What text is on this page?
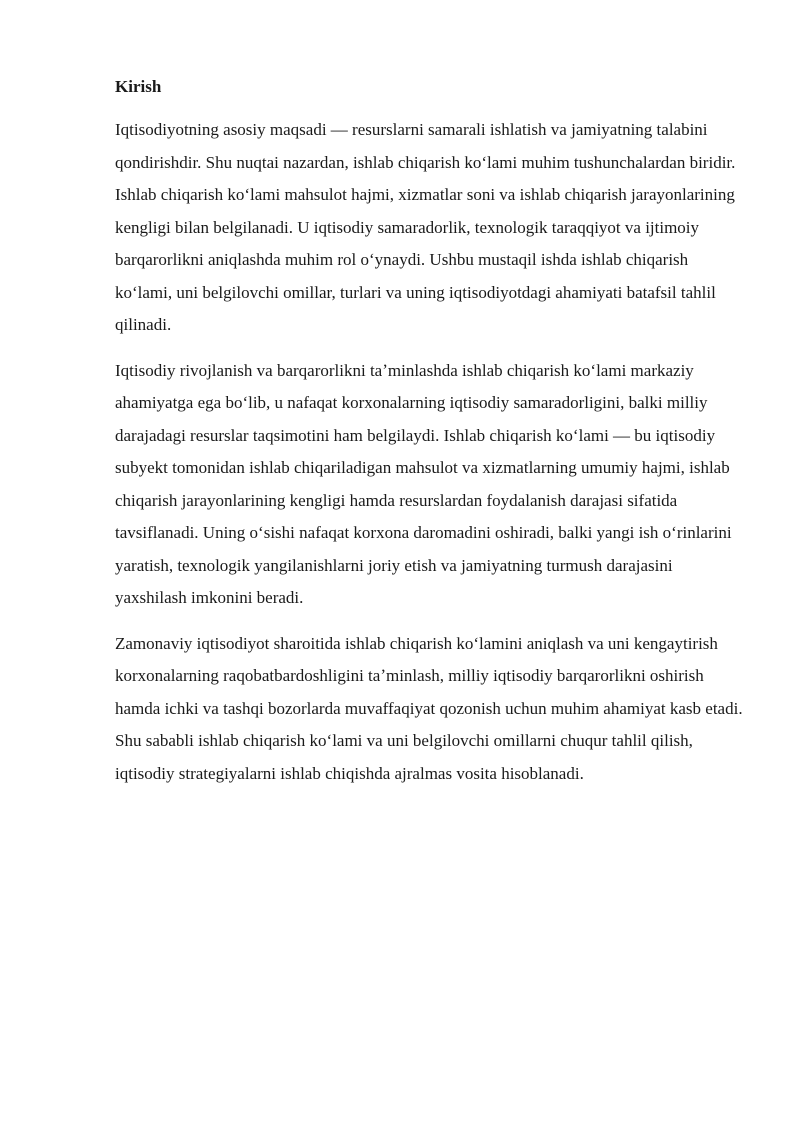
Kirish

Iqtisodiyotning asosiy maqsadi — resurslarni samarali ishlatish va jamiyatning talabini qondirishdir. Shu nuqtai nazardan, ishlab chiqarish koʻlami muhim tushunchalardan biridir. Ishlab chiqarish koʻlami mahsulot hajmi, xizmatlar soni va ishlab chiqarish jarayonlarining kengligi bilan belgilanadi. U iqtisodiy samaradorlik, texnologik taraqqiyot va ijtimoiy barqarorlikni aniqlashda muhim rol oʻynaydi. Ushbu mustaqil ishda ishlab chiqarish koʻlami, uni belgilovchi omillar, turlari va uning iqtisodiyotdagi ahamiyati batafsil tahlil qilinadi.

Iqtisodiy rivojlanish va barqarorlikni taʼminlashda ishlab chiqarish koʻlami markaziy ahamiyatga ega boʻlib, u nafaqat korxonalarning iqtisodiy samaradorligini, balki milliy darajadagi resurslar taqsimotini ham belgilaydi. Ishlab chiqarish koʻlami — bu iqtisodiy subyekt tomonidan ishlab chiqariladigan mahsulot va xizmatlarning umumiy hajmi, ishlab chiqarish jarayonlarining kengligi hamda resurslardan foydalanish darajasi sifatida tavsiflanadi. Uning oʻsishi nafaqat korxona daromadini oshiradi, balki yangi ish oʻrinlarini yaratish, texnologik yangilanishlarni joriy etish va jamiyatning turmush darajasini yaxshilash imkonini beradi.

Zamonaviy iqtisodiyot sharoitida ishlab chiqarish koʻlamini aniqlash va uni kengaytirish korxonalarning raqobatbardoshligini taʼminlash, milliy iqtisodiy barqarorlikni oshirish hamda ichki va tashqi bozorlarda muvaffaqiyat qozonish uchun muhim ahamiyat kasb etadi. Shu sababli ishlab chiqarish koʻlami va uni belgilovchi omillarni chuqur tahlil qilish, iqtisodiy strategiyalarni ishlab chiqishda ajralmas vosita hisoblanadi.
